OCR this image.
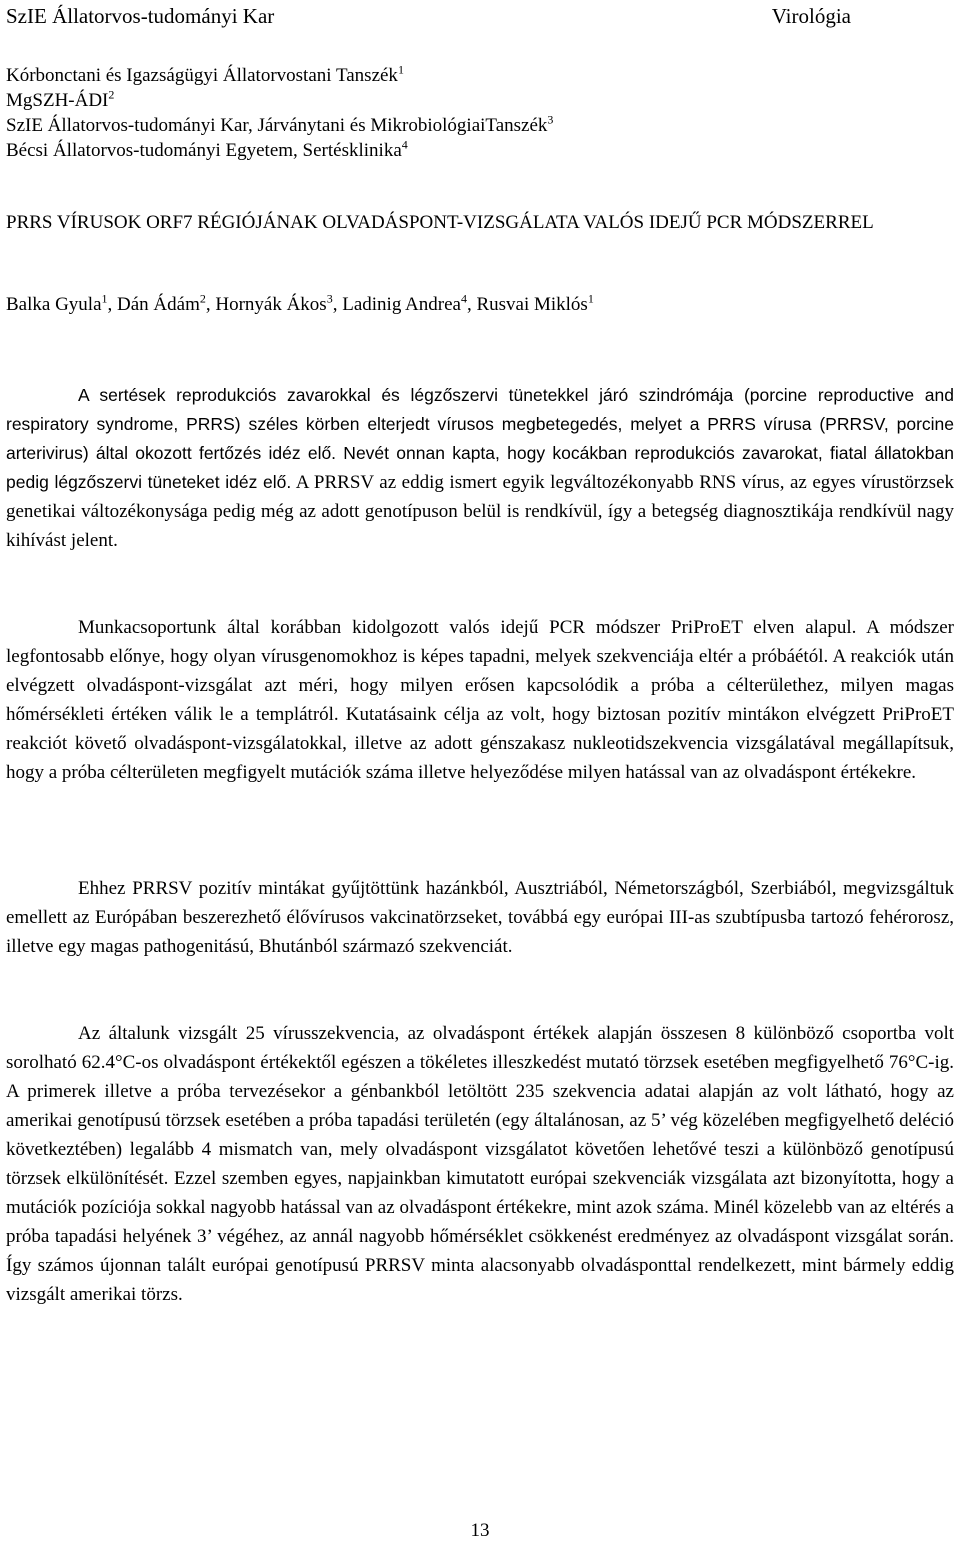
SzIE Állatorvos-tudományi Kar	Virológia
Kórbonctani és Igazságügyi Állatorvostani Tanszék$^1$
MgSZH-ÁDI$^2$
SzIE Állatorvos-tudományi Kar, Járványtani és MikrobiológiaiTanszék$^3$
Bécsi Állatorvos-tudományi Egyetem, Sertésklinika$^4$
PRRS VÍRUSOK ORF7 RÉGIÓJÁNAK OLVADÁSPONT-VIZSGÁLATA VALÓS IDEJŰ PCR MÓDSZERREL
Balka Gyula$^1$, Dán Ádám$^2$, Hornyák Ákos$^3$, Ladinig Andrea$^4$, Rusvai Miklós$^1$
A sertések reprodukciós zavarokkal és légzőszervi tünetekkel járó szindrómája (porcine reproductive and respiratory syndrome, PRRS) széles körben elterjedt vírusos megbetegedés, melyet a PRRS vírusa (PRRSV, porcine arterivirus) által okozott fertőzés idéz elő. Nevét onnan kapta, hogy kocákban reprodukciós zavarokat, fiatal állatokban pedig légzőszervi tüneteket idéz elő. A PRRSV az eddig ismert egyik legváltozékonyabb RNS vírus, az egyes vírustörzsek genetikai változékonysága pedig még az adott genotípuson belül is rendkívül, így a betegség diagnosztikája rendkívül nagy kihívást jelent.
Munkacsoportunk által korábban kidolgozott valós idejű PCR módszer PriProET elven alapul. A módszer legfontosabb előnye, hogy olyan vírusgenomokhoz is képes tapadni, melyek szekvenciája eltér a próbáétól. A reakciók után elvégzett olvadáspont-vizsgálat azt méri, hogy milyen erősen kapcsolódik a próba a célterülethez, milyen magas hőmérsékleti értéken válik le a templátról. Kutatásaink célja az volt, hogy biztosan pozitív mintákon elvégzett PriProET reakciót követő olvadáspont-vizsgálatokkal, illetve az adott génszakasz nukleotidszekvencia vizsgálatával megállapítsuk, hogy a próba célterületen megfigyelt mutációk száma illetve helyeződése milyen hatással van az olvadáspont értékekre.
Ehhez PRRSV pozitív mintákat gyűjtöttünk hazánkból, Ausztriából, Németországból, Szerbiából, megvizsgáltuk emellett az Európában beszerezhető élővírusos vakcinatörzseket, továbbá egy európai III-as szubtípusba tartozó fehérorosz, illetve egy magas pathogenitású, Bhutánból származó szekvenciát.
Az általunk vizsgált 25 vírusszekvencia, az olvadáspont értékek alapján összesen 8 különböző csoportba volt sorolható 62.4°C-os olvadáspont értékektől egészen a tökéletes illeszkedést mutató törzsek esetében megfigyelhető 76°C-ig. A primerek illetve a próba tervezésekor a génbankból letöltött 235 szekvencia adatai alapján az volt látható, hogy az amerikai genotípusú törzsek esetében a próba tapadási területén (egy általánosan, az 5’ vég közelében megfigyelhető deléció következtében) legalább 4 mismatch van, mely olvadáspont vizsgálatot követően lehetővé teszi a különböző genotípusú törzsek elkülönítését. Ezzel szemben egyes, napjainkban kimutatott európai szekvenciák vizsgálata azt bizonyította, hogy a mutációk pozíciója sokkal nagyobb hatással van az olvadáspont értékekre, mint azok száma. Minél közelebb van az eltérés a próba tapadási helyének 3’ végéhez, az annál nagyobb hőmérséklet csökkenést eredményez az olvadáspont vizsgálat során. Így számos újonnan talált európai genotípusú PRRSV minta alacsonyabb olvadásponttal rendelkezett, mint bármely eddig vizsgált amerikai törzs.
13
